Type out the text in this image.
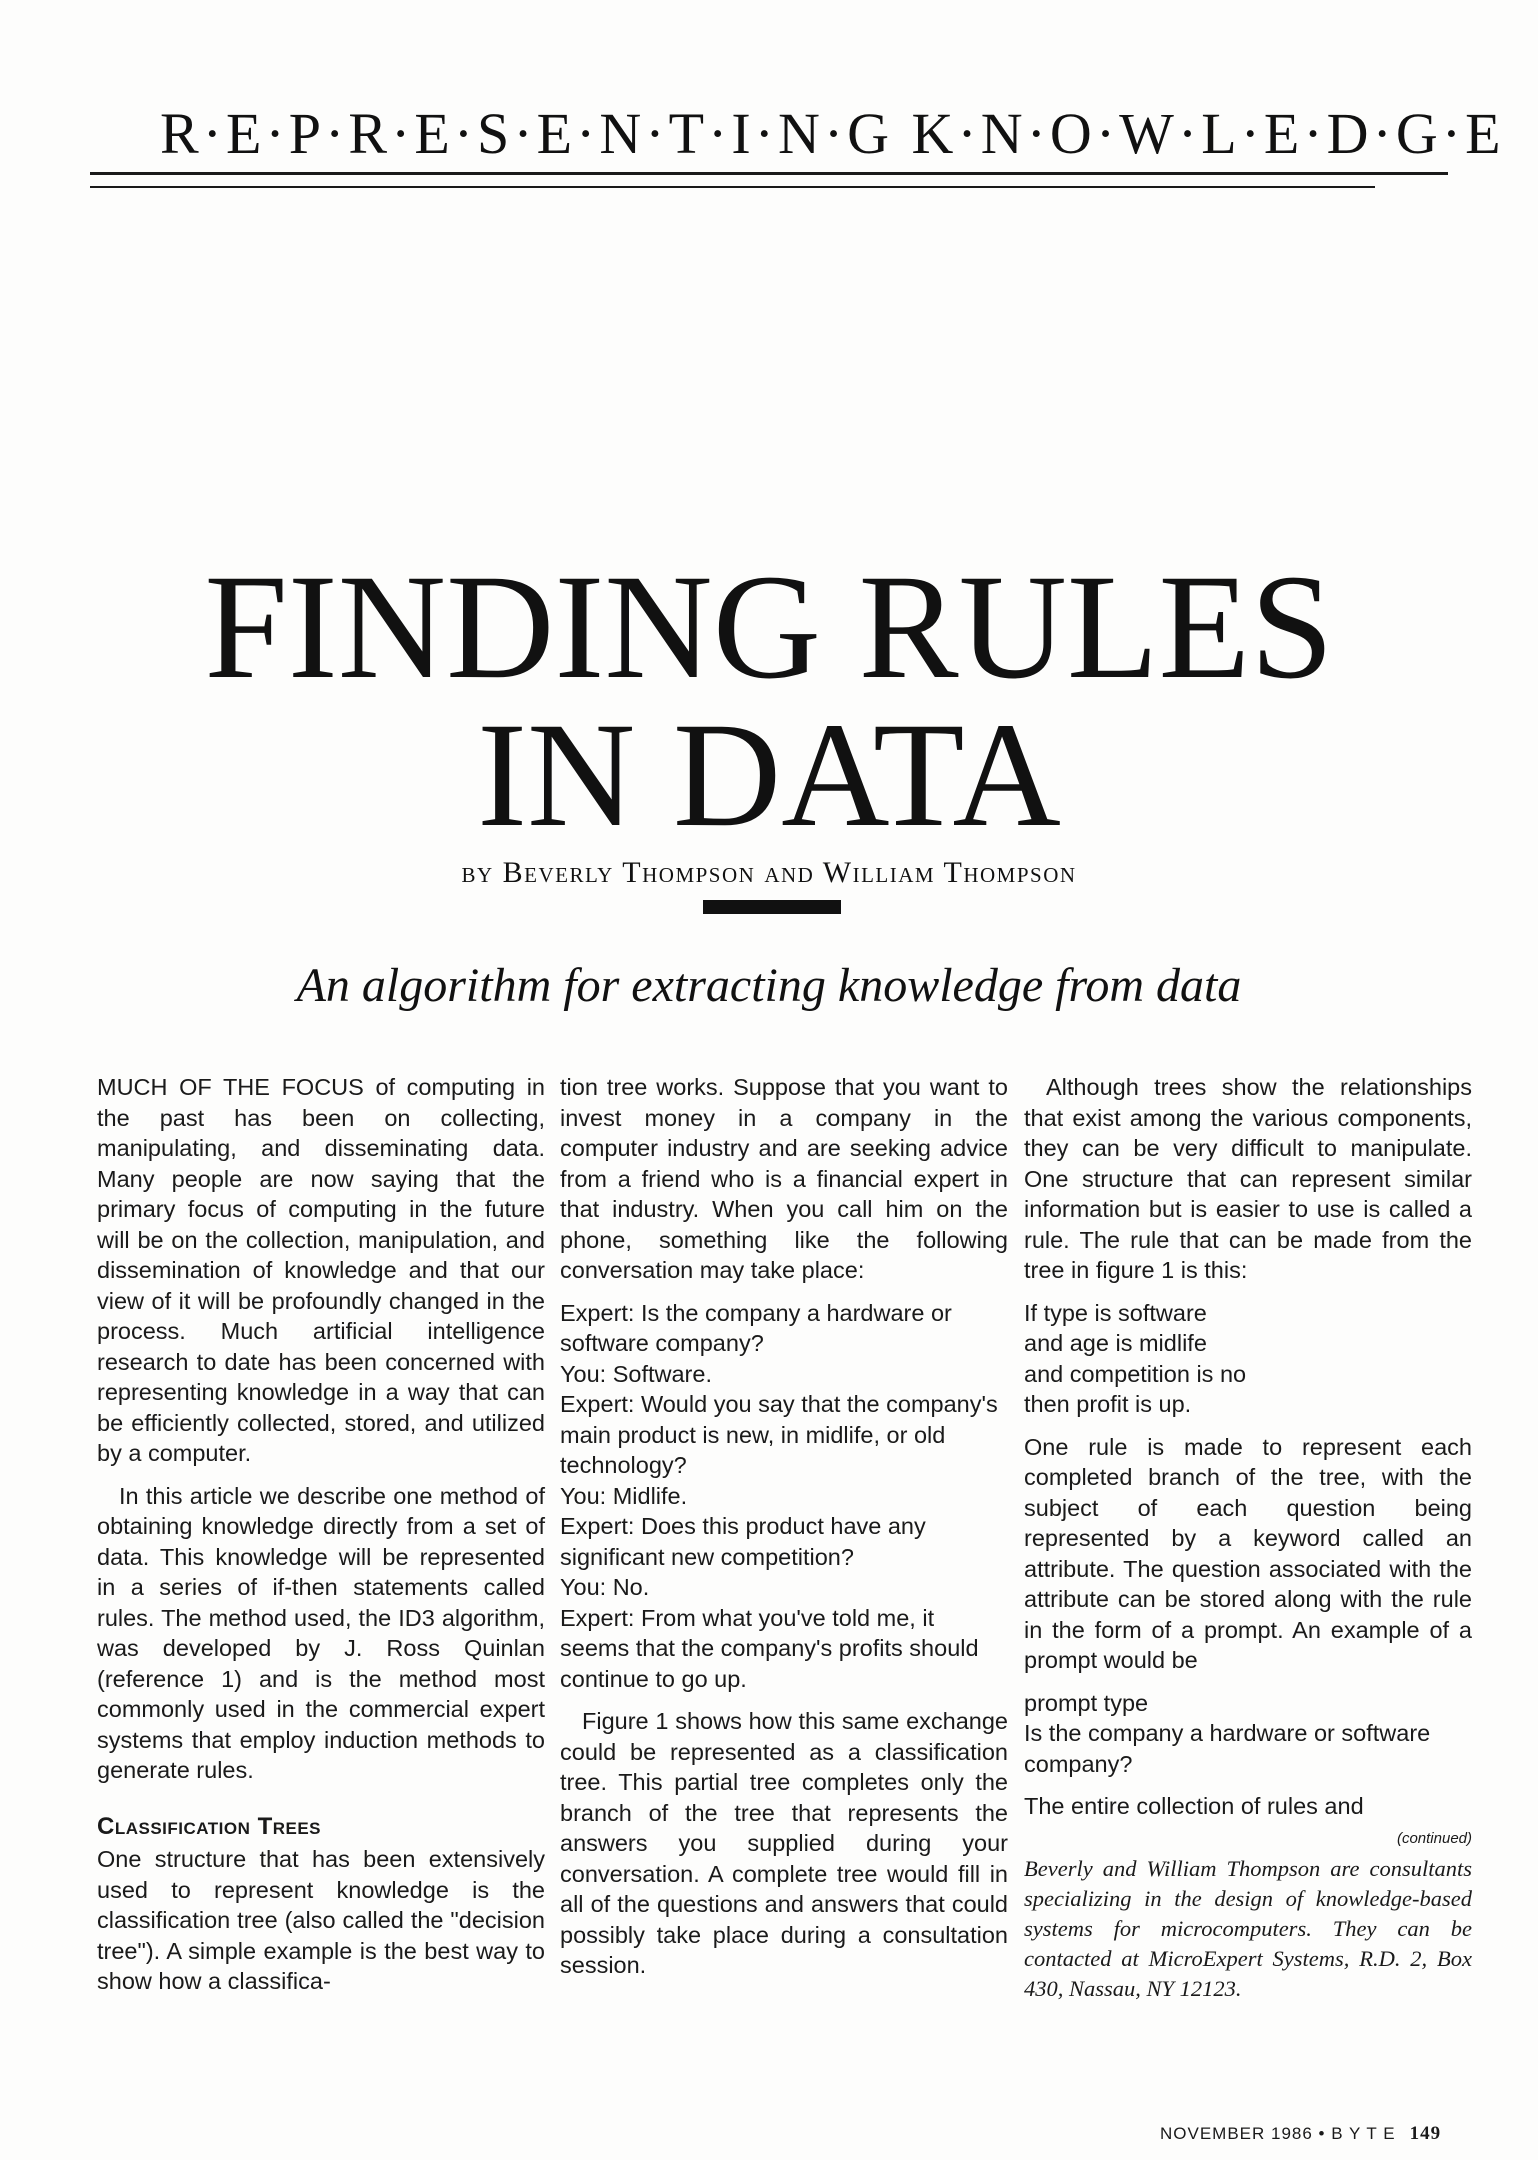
R·E·P·R·E·S·E·N·T·I·N·G K·N·O·W·L·E·D·G·E
FINDING RULES
IN DATA
by Beverly Thompson and William Thompson
An algorithm for extracting knowledge from data

MUCH OF THE FOCUS of computing in the past has been on collecting, manipulating, and disseminating data. Many people are now saying that the primary focus of computing in the future will be on the collection, manipulation, and dissemination of knowledge and that our view of it will be profoundly changed in the process. Much artificial intelligence research to date has been concerned with representing knowledge in a way that can be efficiently collected, stored, and utilized by a computer.

In this article we describe one method of obtaining knowledge directly from a set of data. This knowledge will be represented in a series of if-then statements called rules. The method used, the ID3 algorithm, was developed by J. Ross Quinlan (reference 1) and is the method most commonly used in the commercial expert systems that employ induction methods to generate rules.

Classification Trees

One structure that has been extensively used to represent knowledge is the classification tree (also called the "decision tree"). A simple example is the best way to show how a classifica-

tion tree works. Suppose that you want to invest money in a company in the computer industry and are seeking advice from a friend who is a financial expert in that industry. When you call him on the phone, something like the following conversation may take place:

Expert: Is the company a hardware or software company?

You: Software.

Expert: Would you say that the company's main product is new, in midlife, or old technology?

You: Midlife.

Expert: Does this product have any significant new competition?

You: No.

Expert: From what you've told me, it seems that the company's profits should continue to go up.

Figure 1 shows how this same exchange could be represented as a classification tree. This partial tree completes only the branch of the tree that represents the answers you supplied during your conversation. A complete tree would fill in all of the questions and answers that could possibly take place during a consultation session.

Although trees show the relationships that exist among the various components, they can be very difficult to manipulate. One structure that can represent similar information but is easier to use is called a rule. The rule that can be made from the tree in figure 1 is this:

If type is software

and age is midlife

and competition is no

then profit is up.

One rule is made to represent each completed branch of the tree, with the subject of each question being represented by a keyword called an attribute. The question associated with the attribute can be stored along with the rule in the form of a prompt. An example of a prompt would be

prompt type

Is the company a hardware or software company?

The entire collection of rules and

(continued)

Beverly and William Thompson are consultants specializing in the design of knowledge-based systems for microcomputers. They can be contacted at MicroExpert Systems, R.D. 2, Box 430, Nassau, NY 12123.

NOVEMBER 1986 • B Y T E 149
